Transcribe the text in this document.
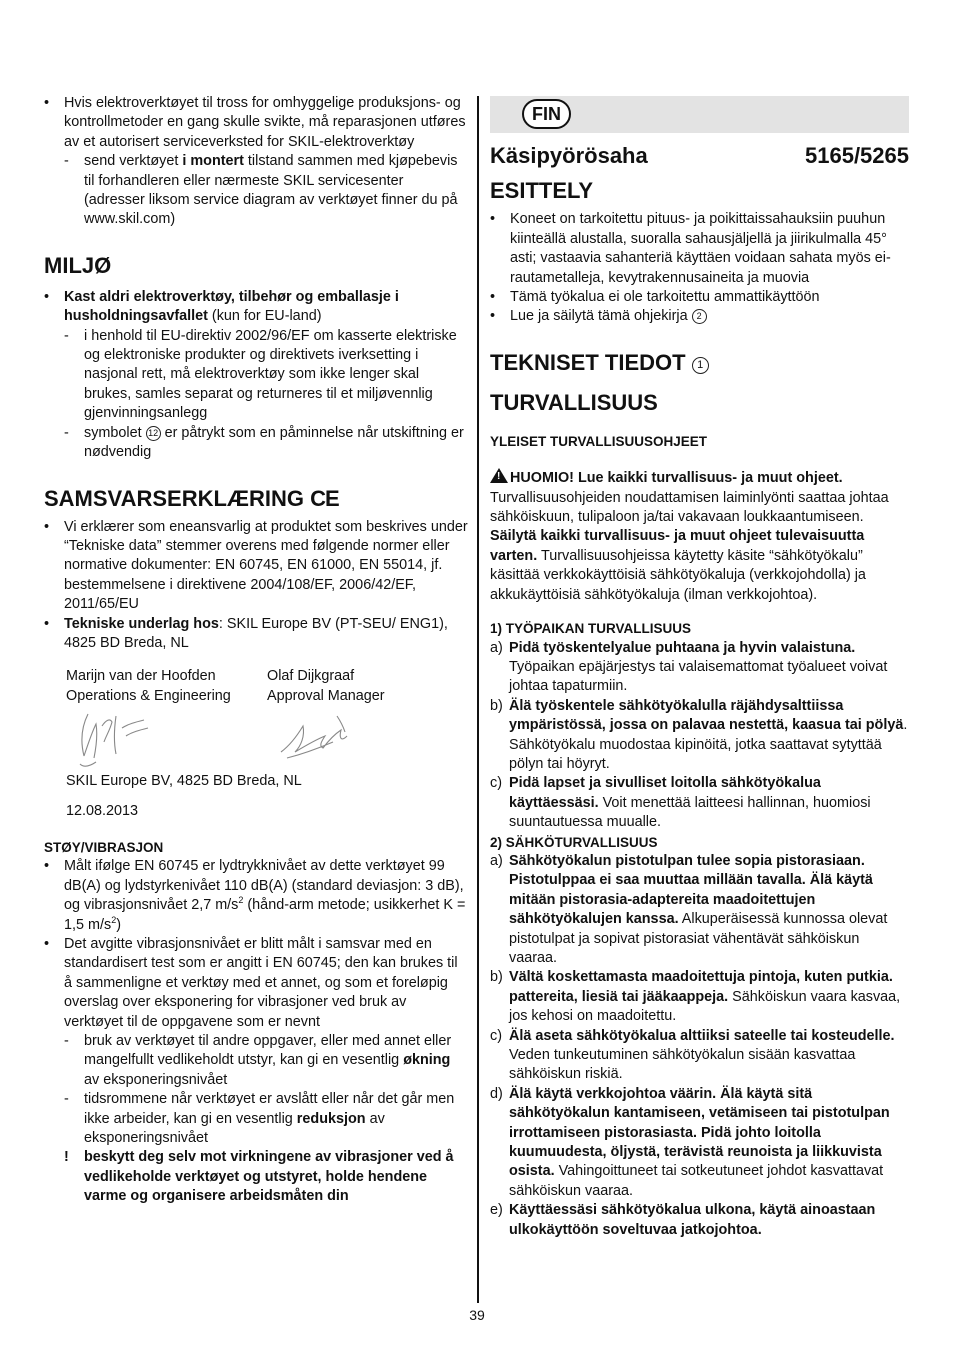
• Hvis elektroverktøyet til tross for omhyggelige produksjons- og kontrollmetoder en gang skulle svikte, må reparasjonen utføres av et autorisert serviceverksted for SKIL-elektroverktøy
- send verktøyet i montert tilstand sammen med kjøpebevis til forhandleren eller nærmeste SKIL servicesenter (adresser liksom service diagram av verktøyet finner du på www.skil.com)
MILJØ
• Kast aldri elektroverktøy, tilbehør og emballasje i husholdningsavfallet (kun for EU-land)
- i henhold til EU-direktiv 2002/96/EF om kasserte elektriske og elektroniske produkter og direktivets iverksetting i nasjonal rett, må elektroverktøy som ikke lenger skal brukes, samles separat og returneres til et miljøvennlig gjenvinningsanlegg
- symbolet 12 er påtrykt som en påminnelse når utskiftning er nødvendig
SAMSVARSERKLÆRING CE
• Vi erklærer som eneansvarlig at produktet som beskrives under “Tekniske data” stemmer overens med følgende normer eller normative dokumenter: EN 60745, EN 61000, EN 55014, jf. bestemmelsene i direktivene 2004/108/EF, 2006/42/EF, 2011/65/EU
• Tekniske underlag hos: SKIL Europe BV (PT-SEU/ ENG1), 4825 BD Breda, NL
Marijn van der Hoofden
Operations & Engineering
Olaf Dijkgraaf
Approval Manager
SKIL Europe BV, 4825 BD Breda, NL
12.08.2013
STØY/VIBRASJON
• Målt ifølge EN 60745 er lydtrykknivået av dette verktøyet 99 dB(A) og lydstyrkenivået 110 dB(A) (standard deviasjon: 3 dB), og vibrasjonsnivået 2,7 $m/s^2$ (hånd-arm metode; usikkerhet K = 1,5 $m/s^2$)
• Det avgitte vibrasjonsnivået er blitt målt i samsvar med en standardisert test som er angitt i EN 60745; den kan brukes til å sammenligne et verktøy med et annet, og som et foreløpig overslag over eksponering for vibrasjoner ved bruk av verktøyet til de oppgavene som er nevnt
- bruk av verktøyet til andre oppgaver, eller med annet eller mangelfullt vedlikeholdt utstyr, kan gi en vesentlig økning av eksponeringsnivået
- tidsrommene når verktøyet er avslått eller når det går men ikke arbeider, kan gi en vesentlig reduksjon av eksponeringsnivået
! beskytt deg selv mot virkningene av vibrasjoner ved å vedlikeholde verktøyet og utstyret, holde hendene varme og organisere arbeidsmåten din
FIN
Käsipyörösaha	5165/5265
ESITTELY
• Koneet on tarkoitettu pituus- ja poikittaissahauksiin puuhun kiinteällä alustalla, suoralla sahausjäljellä ja jiirikulmalla 45° asti; vastaavia sahanteriä käyttäen voidaan sahata myös ei-rautametalleja, kevytrakennusaineita ja muovia
• Tämä työkalua ei ole tarkoitettu ammattikäyttöön
• Lue ja säilytä tämä ohjekirja 2
TEKNISET TIEDOT 1
TURVALLISUUS
YLEISET TURVALLISUUSOHJEET
! HUOMIO! Lue kaikki turvallisuus- ja muut ohjeet. Turvallisuusohjeiden noudattamisen laiminlyönti saattaa johtaa sähköiskuun, tulipaloon ja/tai vakavaan loukkaantumiseen. Säilytä kaikki turvallisuus- ja muut ohjeet tulevaisuutta varten. Turvallisuusohjeissa käytetty käsite “sähkötyökalu” käsittää verkkokäyttöisiä sähkötyökaluja (verkkojohdolla) ja akkukäyttöisiä sähkötyökaluja (ilman verkkojohtoa).
1) TYÖPAIKAN TURVALLISUUS
a) Pidä työskentelyalue puhtaana ja hyvin valaistuna. Työpaikan epäjärjestys tai valaisemattomat työalueet voivat johtaa tapaturmiin.
b) Älä työskentele sähkötyökalulla räjähdysalttiissa ympäristössä, jossa on palavaa nestettä, kaasua tai pölyä. Sähkötyökalu muodostaa kipinöitä, jotka saattavat sytyttää pölyn tai höyryt.
c) Pidä lapset ja sivulliset loitolla sähkötyökalua käyttäessäsi. Voit menettää laitteesi hallinnan, huomiosi suuntautuessa muualle.
2) SÄHKÖTURVALLISUUS
a) Sähkötyökalun pistotulpan tulee sopia pistorasiaan. Pistotulppaa ei saa muuttaa millään tavalla. Älä käytä mitään pistorasia-adaptereita maadoitettujen sähkötyökalujen kanssa. Alkuperäisessä kunnossa olevat pistotulpat ja sopivat pistorasiat vähentävät sähköiskun vaaraa.
b) Vältä koskettamasta maadoitettuja pintoja, kuten putkia. pattereita, liesiä tai jääkaappeja. Sähköiskun vaara kasvaa, jos kehosi on maadoitettu.
c) Älä aseta sähkötyökalua alttiiksi sateelle tai kosteudelle. Veden tunkeutuminen sähkötyökalun sisään kasvattaa sähköiskun riskiä.
d) Älä käytä verkkojohtoa väärin. Älä käytä sitä sähkötyökalun kantamiseen, vetämiseen tai pistotulpan irrottamiseen pistorasiasta. Pidä johto loitolla kuumuudesta, öljystä, terävistä reunoista ja liikkuvista osista. Vahingoittuneet tai sotkeutuneet johdot kasvattavat sähköiskun vaaraa.
e) Käyttäessäsi sähkötyökalua ulkona, käytä ainoastaan ulkokäyttöön soveltuvaa jatkojohtoa.
39
